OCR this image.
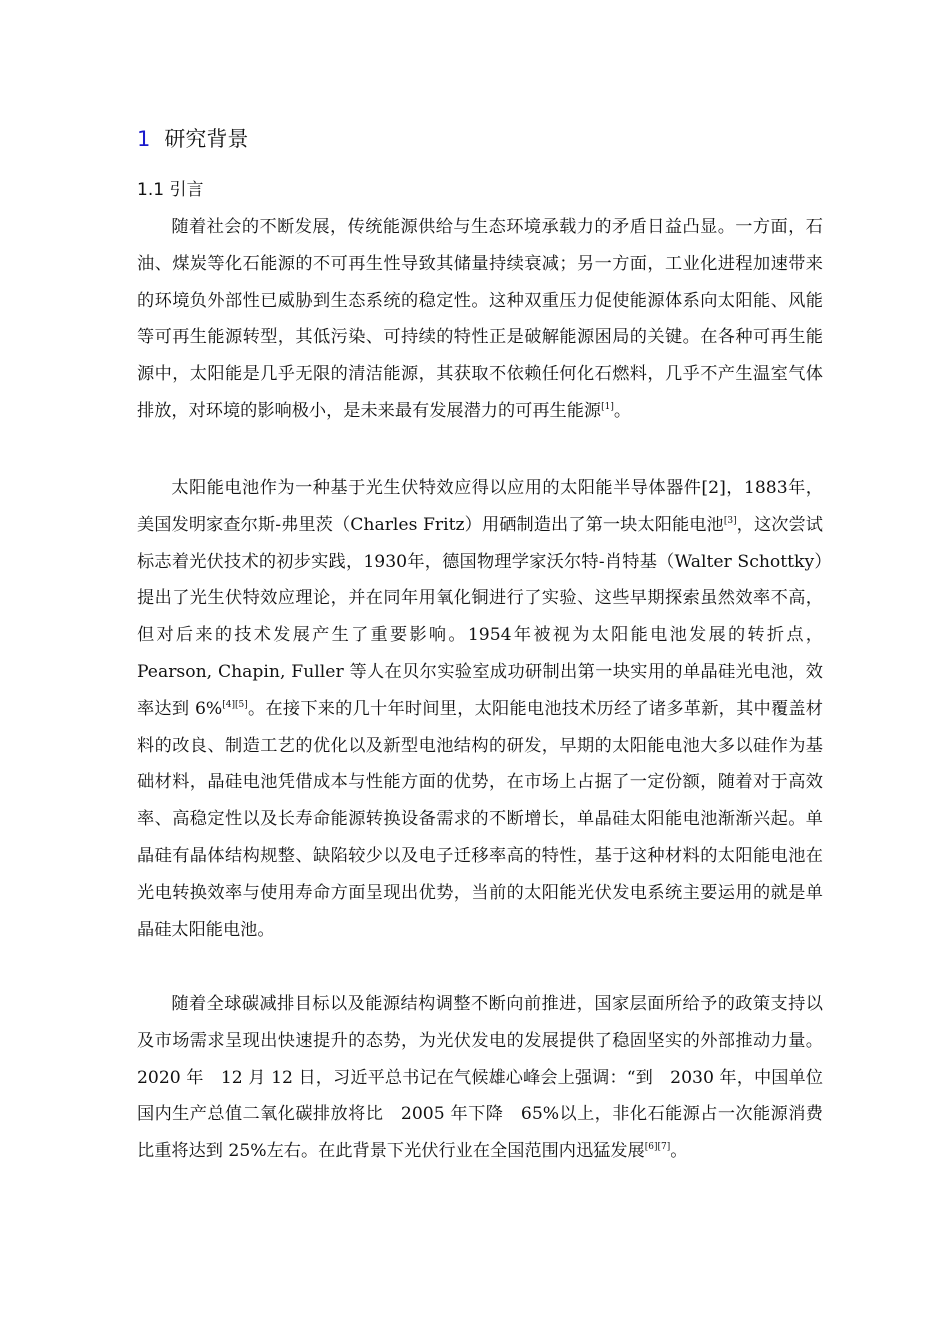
1 研究背景
1.1 引言

随着社会的不断发展，传统能源供给与生态环境承载力的矛盾日益凸显。一方面，石油、煤炭等化石能源的不可再生性导致其储量持续衰减；另一方面，工业化进程加速带来的环境负外部性已威胁到生态系统的稳定性。这种双重压力促使能源体系向太阳能、风能等可再生能源转型，其低污染、可持续的特性正是破解能源困局的关键。在各种可再生能源中，太阳能是几乎无限的清洁能源，其获取不依赖任何化石燃料，几乎不产生温室气体排放，对环境的影响极小，是未来最有发展潜力的可再生能源[1]。

太阳能电池作为一种基于光生伏特效应得以应用的太阳能半导体器件[2]，1883年，美国发明家查尔斯-弗里茨（Charles Fritz）用硒制造出了第一块太阳能电池[3]，这次尝试标志着光伏技术的初步实践，1930年，德国物理学家沃尔特-肖特基（Walter Schottky）提出了光生伏特效应理论，并在同年用氧化铜进行了实验、这些早期探索虽然效率不高，但对后来的技术发展产生了重要影响。1954年被视为太阳能电池发展的转折点，Pearson, Chapin, Fuller 等人在贝尔实验室成功研制出第一块实用的单晶硅光电池，效率达到 6%[4][5]。在接下来的几十年时间里，太阳能电池技术历经了诸多革新，其中覆盖材料的改良、制造工艺的优化以及新型电池结构的研发，早期的太阳能电池大多以硅作为基础材料，晶硅电池凭借成本与性能方面的优势，在市场上占据了一定份额，随着对于高效率、高稳定性以及长寿命能源转换设备需求的不断增长，单晶硅太阳能电池渐渐兴起。单晶硅有晶体结构规整、缺陷较少以及电子迁移率高的特性，基于这种材料的太阳能电池在光电转换效率与使用寿命方面呈现出优势，当前的太阳能光伏发电系统主要运用的就是单晶硅太阳能电池。

随着全球碳减排目标以及能源结构调整不断向前推进，国家层面所给予的政策支持以及市场需求呈现出快速提升的态势，为光伏发电的发展提供了稳固坚实的外部推动力量。2020 年　12 月 12 日，习近平总书记在气候雄心峰会上强调：“到　2030 年，中国单位国内生产总值二氧化碳排放将比　2005 年下降　65%以上，非化石能源占一次能源消费比重将达到 25%左右。在此背景下光伏行业在全国范围内迅猛发展[6][7]。
